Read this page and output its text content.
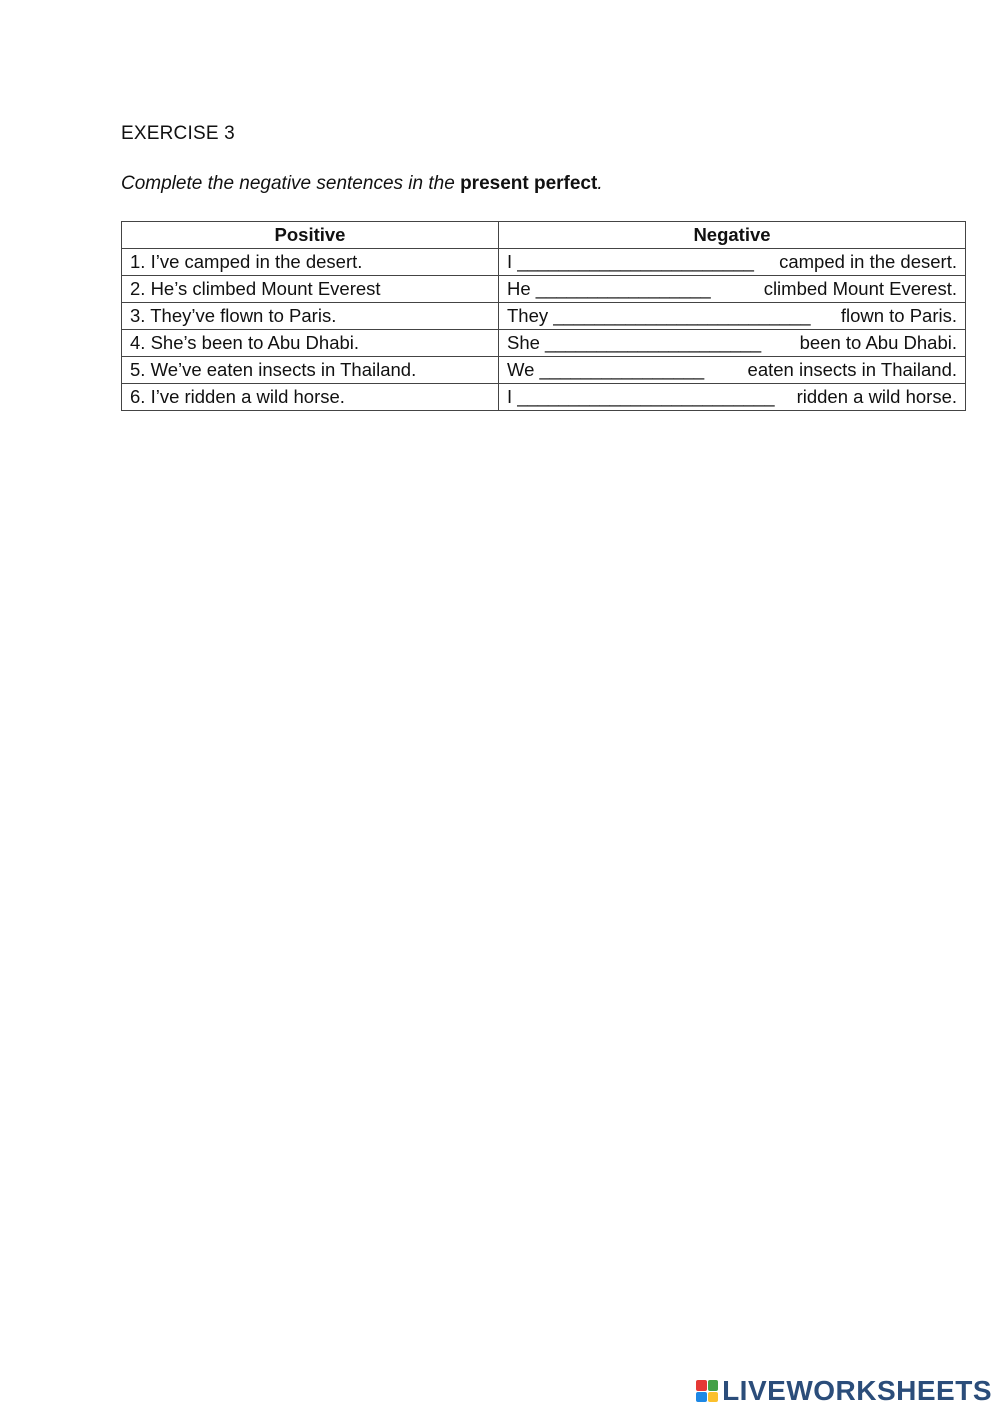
EXERCISE 3
Complete the negative sentences in the present perfect.
Positive	Negative
1. I’ve camped in the desert.	I _______________________ camped in the desert.

2. He’s climbed Mount Everest	He _________________ climbed Mount Everest.

3. They’ve flown to Paris.	They _________________________ flown to Paris.

4. She’s been to Abu Dhabi.	She _____________________ been to Abu Dhabi.

5. We’ve eaten insects in Thailand.	We ________________ eaten insects in Thailand.

6. I’ve ridden a wild horse.	I _________________________ ridden a wild horse.
LIVEWORKSHEETS
